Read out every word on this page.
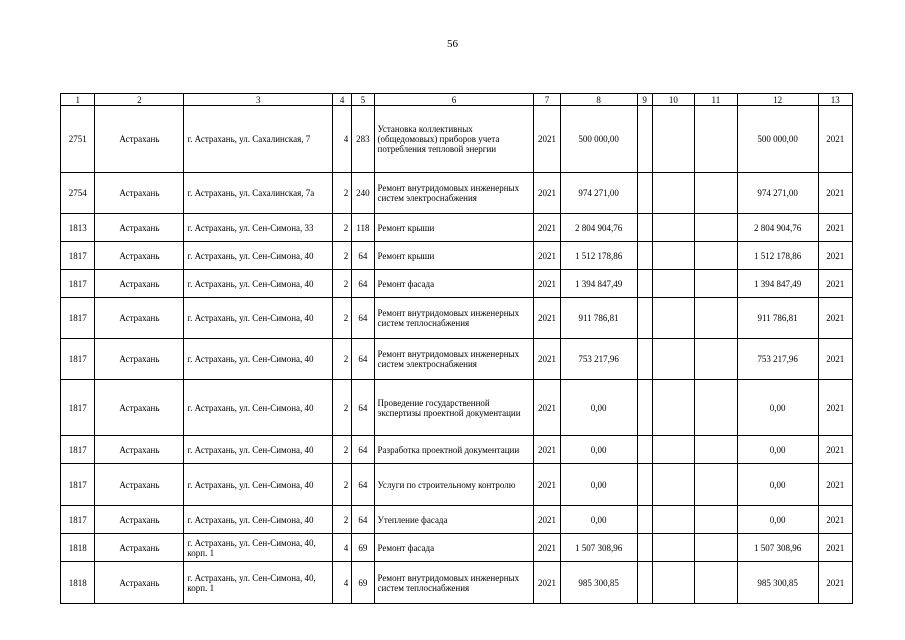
56
1	2	3	4	5	6	7	8	9	10	11	12	13
2751	Астрахань	г. Астрахань, ул. Сахалинская, 7	4	283	Установка коллективных (общедомовых) приборов учета потребления тепловой энергии	2021	500 000,00				500 000,00	2021
2754	Астрахань	г. Астрахань, ул. Сахалинская, 7а	2	240	Ремонт внутридомовых инженерных систем электроснабжения	2021	974 271,00				974 271,00	2021
1813	Астрахань	г. Астрахань, ул. Сен-Симона, 33	2	118	Ремонт крыши	2021	2 804 904,76				2 804 904,76	2021
1817	Астрахань	г. Астрахань, ул. Сен-Симона, 40	2	64	Ремонт крыши	2021	1 512 178,86				1 512 178,86	2021
1817	Астрахань	г. Астрахань, ул. Сен-Симона, 40	2	64	Ремонт фасада	2021	1 394 847,49				1 394 847,49	2021
1817	Астрахань	г. Астрахань, ул. Сен-Симона, 40	2	64	Ремонт внутридомовых инженерных систем теплоснабжения	2021	911 786,81				911 786,81	2021
1817	Астрахань	г. Астрахань, ул. Сен-Симона, 40	2	64	Ремонт внутридомовых инженерных систем электроснабжения	2021	753 217,96				753 217,96	2021
1817	Астрахань	г. Астрахань, ул. Сен-Симона, 40	2	64	Проведение государственной экспертизы проектной документации	2021	0,00				0,00	2021
1817	Астрахань	г. Астрахань, ул. Сен-Симона, 40	2	64	Разработка проектной документации	2021	0,00				0,00	2021
1817	Астрахань	г. Астрахань, ул. Сен-Симона, 40	2	64	Услуги по строительному контролю	2021	0,00				0,00	2021
1817	Астрахань	г. Астрахань, ул. Сен-Симона, 40	2	64	Утепление фасада	2021	0,00				0,00	2021
1818	Астрахань	г. Астрахань, ул. Сен-Симона, 40, корп. 1	4	69	Ремонт фасада	2021	1 507 308,96				1 507 308,96	2021
1818	Астрахань	г. Астрахань, ул. Сен-Симона, 40, корп. 1	4	69	Ремонт внутридомовых инженерных систем теплоснабжения	2021	985 300,85				985 300,85	2021
